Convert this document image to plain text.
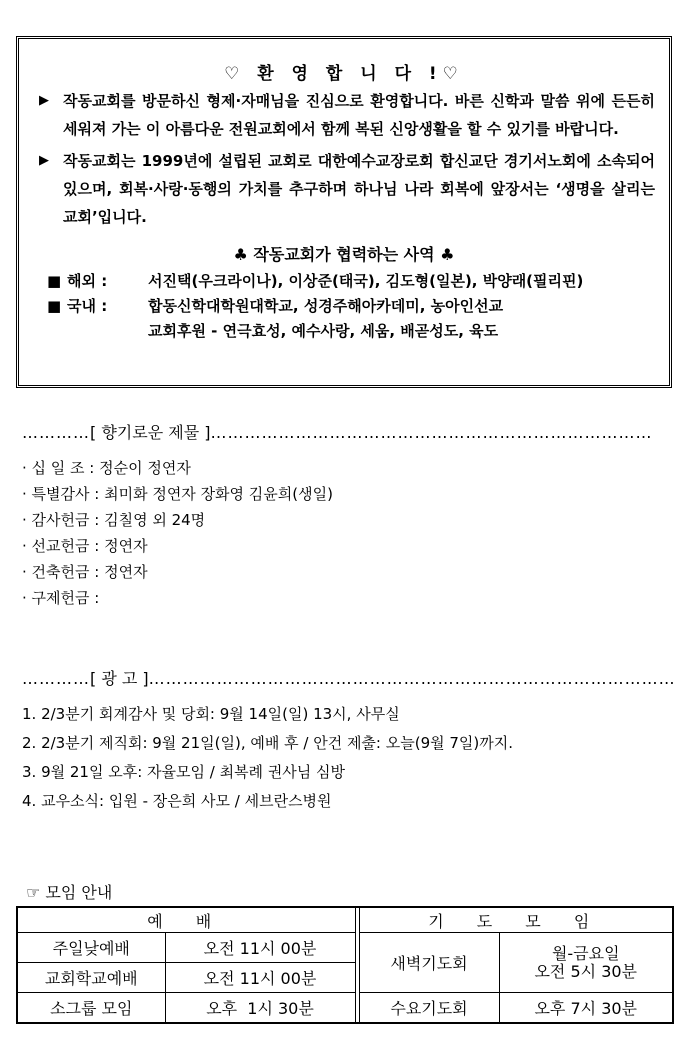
♡ 환 영 합 니 다 !♡
▶ 작동교회를 방문하신 형제·자매님을 진심으로 환영합니다. 바른 신학과 말씀 위에 든든히 세워져 가는 이 아름다운 전원교회에서 함께 복된 신앙생활을 할 수 있기를 바랍니다.
▶ 작동교회는 1999년에 설립된 교회로 대한예수교장로회 합신교단 경기서노회에 소속되어 있으며, 회복·사랑·동행의 가치를 추구하며 하나님 나라 회복에 앞장서는 ‘생명을 살리는 교회’입니다.
♣ 작동교회가 협력하는 사역 ♣
■ 해외 :	서진택(우크라이나), 이상준(태국), 김도형(일본), 박양래(필리핀)
■ 국내 :	합동신학대학원대학교, 성경주해아카데미, 농아인선교
교회후원 - 연극효성, 예수사랑, 세움, 배곧성도, 육도
…………[ 향기로운 제물 ]……………………………………………………………………
· 십 일 조 : 정순이 정연자
· 특별감사 : 최미화 정연자 장화영 김윤희(생일)
· 감사헌금 : 김칠영 외 24명
· 선교헌금 : 정연자
· 건축헌금 : 정연자
· 구제헌금 :
…………[ 광 고 ]…………………………………………………………………………………
1. 2/3분기 회계감사 및 당회: 9월 14일(일) 13시, 사무실
2. 2/3분기 제직회: 9월 21일(일), 예배 후 / 안건 제출: 오늘(9월 7일)까지.
3. 9월 21일 오후: 자율모임 / 최복례 권사님 심방
4. 교우소식: 입원 - 장은희 사모 / 세브란스병원
☞ 모임 안내
예 배			기 도 모 임	
주일낮예배	오전 11시 00분		새벽기도회	월-금요일
오전 5시 30분

교회학교예배	오전 11시 00분			
소그룹 모임	오후  1시 30분		수요기도회	오후 7시 30분
